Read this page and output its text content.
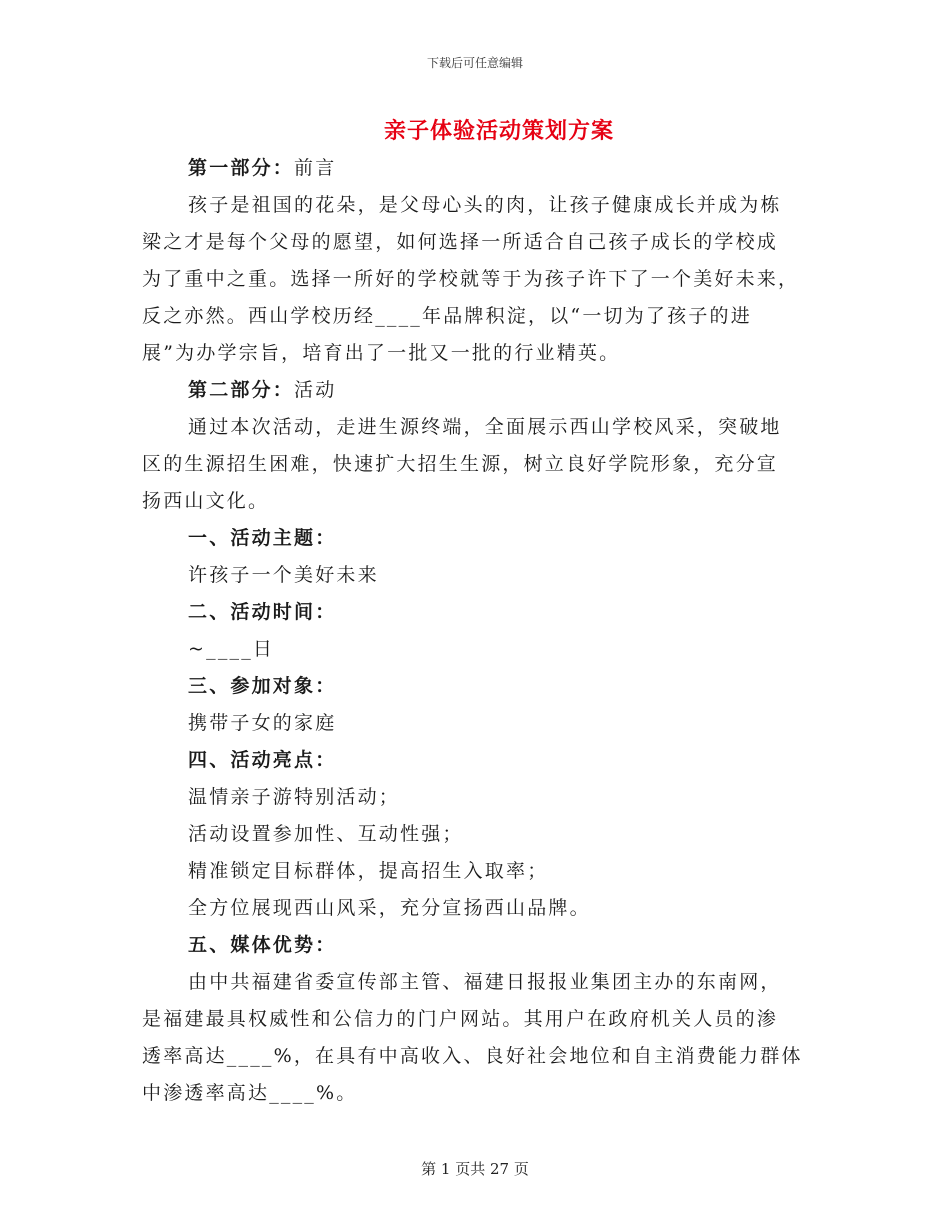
下载后可任意编辑
亲子体验活动策划方案
第一部分：前言
孩子是祖国的花朵，是父母心头的肉，让孩子健康成长并成为栋
梁之才是每个父母的愿望，如何选择一所适合自己孩子成长的学校成
为了重中之重。选择一所好的学校就等于为孩子许下了一个美好未来，
反之亦然。西山学校历经____年品牌积淀，以“一切为了孩子的进
展”为办学宗旨，培育出了一批又一批的行业精英。
第二部分：活动
通过本次活动，走进生源终端，全面展示西山学校风采，突破地
区的生源招生困难，快速扩大招生生源，树立良好学院形象，充分宣
扬西山文化。
一、活动主题：
许孩子一个美好未来
二、活动时间：
~____日
三、参加对象：
携带子女的家庭
四、活动亮点：
温情亲子游特别活动；
活动设置参加性、互动性强；
精准锁定目标群体，提高招生入取率；
全方位展现西山风采，充分宣扬西山品牌。
五、媒体优势：
由中共福建省委宣传部主管、福建日报报业集团主办的东南网，
是福建最具权威性和公信力的门户网站。其用户在政府机关人员的渗
透率高达____%，在具有中高收入、良好社会地位和自主消费能力群体
中渗透率高达____%。
第 1 页共 27 页
